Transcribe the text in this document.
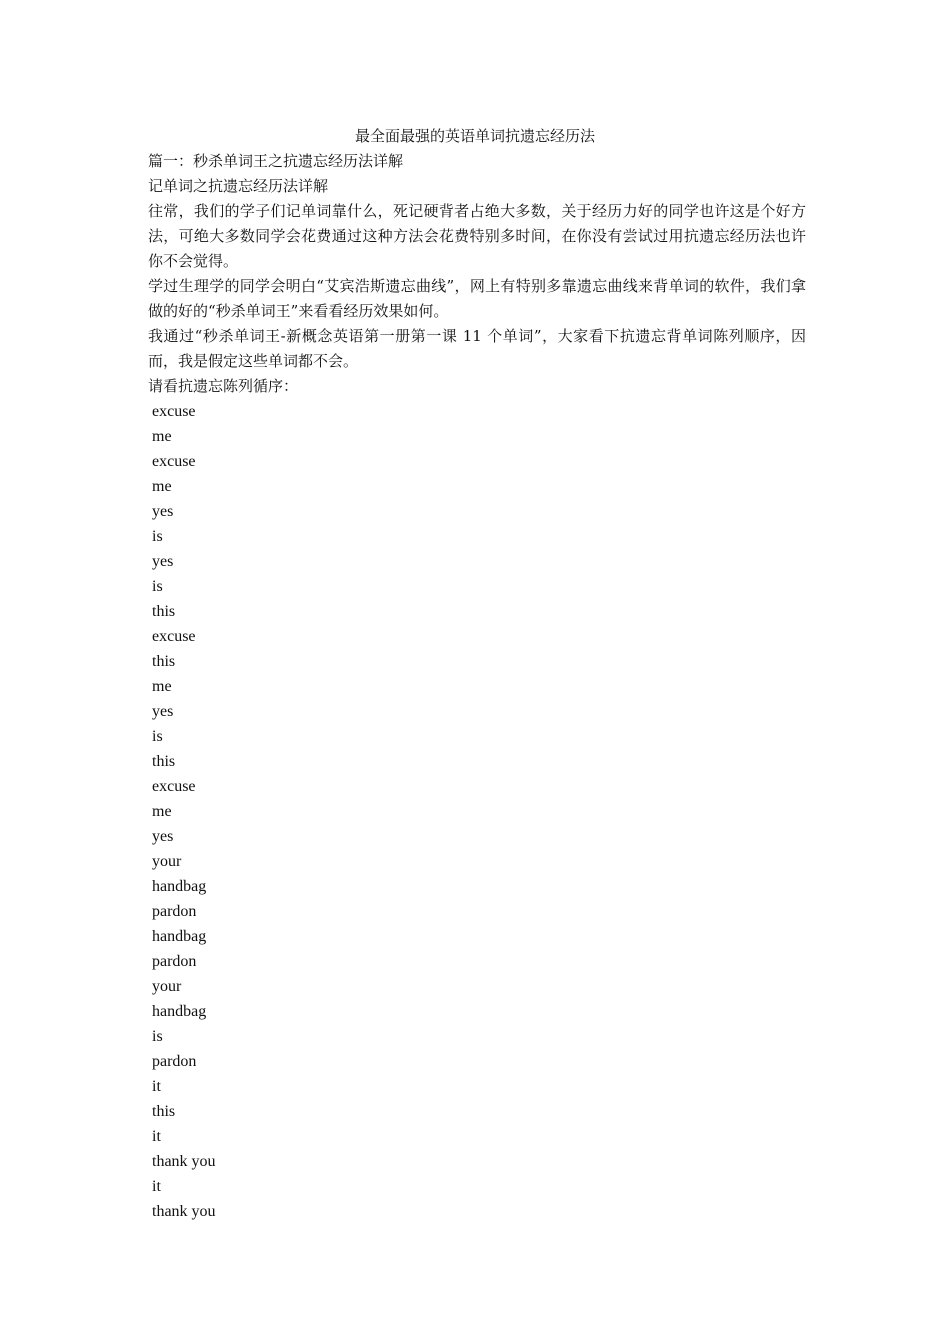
最全面最强的英语单词抗遗忘经历法

篇一：秒杀单词王之抗遗忘经历法详解

记单词之抗遗忘经历法详解

往常，我们的学子们记单词靠什么，死记硬背者占绝大多数，关于经历力好的同学也许这是个好方法，可绝大多数同学会花费通过这种方法会花费特别多时间，在你没有尝试过用抗遗忘经历法也许你不会觉得。

学过生理学的同学会明白“艾宾浩斯遗忘曲线”，网上有特别多靠遗忘曲线来背单词的软件，我们拿做的好的“秒杀单词王”来看看经历效果如何。

我通过“秒杀单词王-新概念英语第一册第一课 11 个单词”，大家看下抗遗忘背单词陈列顺序，因而，我是假定这些单词都不会。

请看抗遗忘陈列循序：

excuse
me
excuse
me
yes
is
yes
is
this
excuse
this
me
yes
is
this
excuse
me
yes
your
handbag
pardon
handbag
pardon
your
handbag
is
pardon
it
this
it
thank you
it
thank you
